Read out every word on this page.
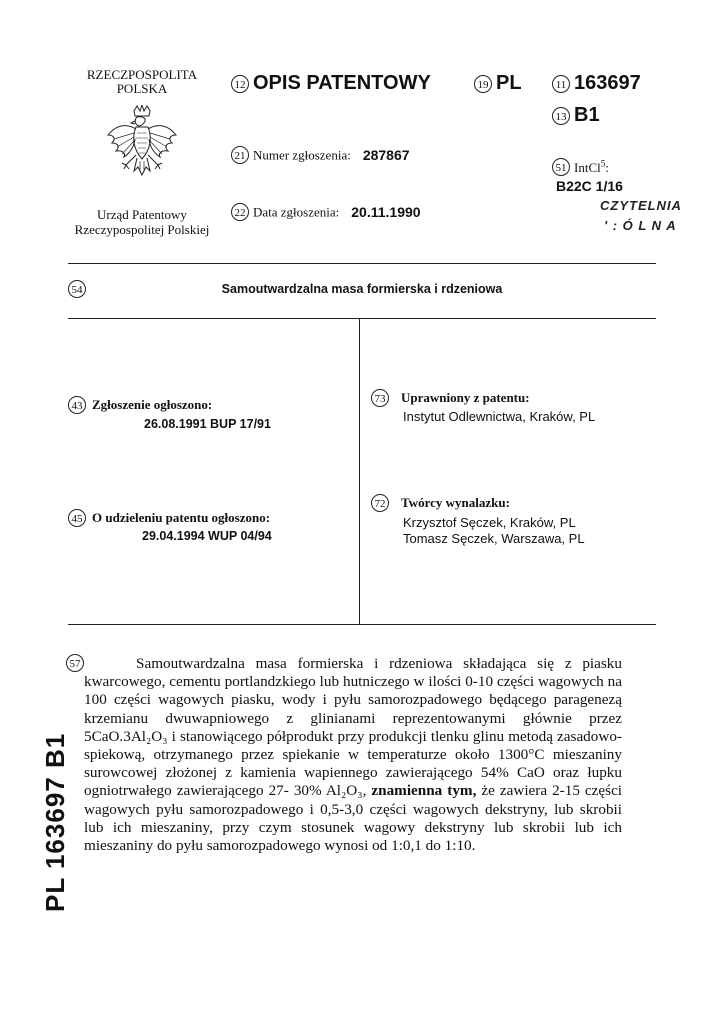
RZECZPOSPOLITA
POLSKA
Urząd Patentowy
Rzeczypospolitej Polskiej
12 OPIS PATENTOWY	19 PL	11 163697
13 B1
21 Numer zgłoszenia: 287867
22 Data zgłoszenia: 20.11.1990
51 IntCl$^5$:
B22C 1/16
CZYTELNIA
' : Ó L N A
54	Samoutwardzalna masa formierska i rdzeniowa
43 Zgłoszenie ogłoszono:
26.08.1991 BUP 17/91
45 O udzieleniu patentu ogłoszono:
29.04.1994 WUP 04/94
73 Uprawniony z patentu:
Instytut Odlewnictwa, Kraków, PL
72 Twórcy wynalazku:
Krzysztof Sęczek, Kraków, PL
Tomasz Sęczek, Warszawa, PL
57	Samoutwardzalna masa formierska i rdzeniowa składająca się z piasku kwarcowego, cementu portlandzkiego lub hutniczego w ilości 0-10 części wagowych na 100 części wagowych piasku, wody i pyłu samorozpadowego będącego paragenezą krzemianu dwuwapniowego z glinianami reprezentowanymi głównie przez 5CaO.3Al₂O₃ i stanowiącego półprodukt przy produkcji tlenku glinu metodą zasadowo-spiekową, otrzymanego przez spiekanie w temperaturze około 1300°C mieszaniny surowcowej złożonej z kamienia wapiennego zawierającego 54% CaO oraz łupku ogniotrwałego zawierającego 27- 30% Al₂O₃, znamienna tym, że zawiera 2-15 części wagowych pyłu samorozpadowego i 0,5-3,0 części wagowych dekstryny, lub skrobii lub ich mieszaniny, przy czym stosunek wagowy dekstryny lub skrobii lub ich mieszaniny do pyłu samorozpadowego wynosi od 1:0,1 do 1:10.
PL 163697 B1
